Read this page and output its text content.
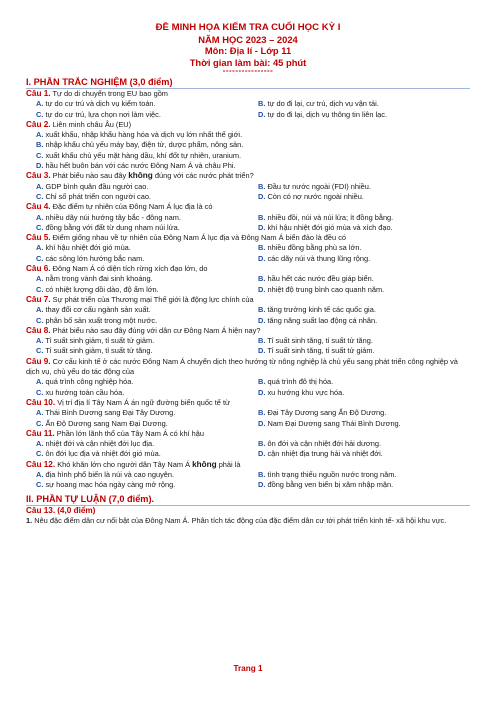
ĐỀ MINH HỌA KIỂM TRA CUỐI HỌC KỲ I
NĂM HỌC 2023 – 2024
Môn: Địa lí - Lớp 11
Thời gian làm bài: 45 phút
----------------
I. PHẦN TRẮC NGHIỆM (3,0 điểm)
Câu 1. Tự do di chuyển trong EU bao gồm
A. tự do cư trú và dịch vụ kiểm toán.	B. tự do đi lại, cư trú, dịch vụ vận tải.
C. tự do cư trú, lựa chọn nơi làm việc.	D. tự do đi lại, dịch vụ thông tin liên lạc.
Câu 2. Liên minh châu Âu (EU)
A. xuất khẩu, nhập khẩu hàng hóa và dịch vụ lớn nhất thế giới.
B. nhập khẩu chủ yếu máy bay, điện tử, dược phẩm, nông sản.
C. xuất khẩu chủ yếu mặt hàng dầu, khí đốt tự nhiên, uranium.
D. hầu hết buôn bán với các nước Đông Nam Á và châu Phi.
Câu 3. Phát biểu nào sau đây không đúng với các nước phát triển?
A. GDP bình quân đầu người cao.	B. Đầu tư nước ngoài (FDI) nhiều.
C. Chỉ số phát triển con người cao.	D. Còn có nợ nước ngoài nhiều.
Câu 4. Đặc điểm tự nhiên của Đông Nam Á lục địa là có
A. nhiều dãy núi hướng tây bắc - đông nam.	B. nhiều đồi, núi và núi lửa; ít đồng bằng.
C. đồng bằng với đất từ dung nham núi lửa.	D. khí hậu nhiệt đới gió mùa và xích đạo.
Câu 5. Điểm giống nhau về tự nhiên của Đông Nam Á lục địa và Đông Nam Á biển đảo là đều có
A. khí hậu nhiệt đới gió mùa.	B. nhiều đồng bằng phù sa lớn.
C. các sông lớn hướng bắc nam.	D. các dãy núi và thung lũng rộng.
Câu 6. Đông Nam Á có diện tích rừng xích đạo lớn, do
A. nằm trong vành đai sinh khoáng.	B. hầu hết các nước đều giáp biển.
C. có nhiệt lượng dồi dào, độ ẩm lớn.	D. nhiệt độ trung bình cao quanh năm.
Câu 7. Sự phát triển của Thương mại Thế giới là động lực chính của
A. thay đổi cơ cấu ngành sản xuất.	B. tăng trưởng kinh tế các quốc gia.
C. phân bố sản xuất trong một nước.	D. tăng năng suất lao động cá nhân.
Câu 8. Phát biểu nào sau đây đúng với dân cư Đông Nam Á hiện nay?
A. Tỉ suất sinh giảm, tỉ suất tử giảm.	B. Tỉ suất sinh tăng, tỉ suất tử tăng.
C. Tỉ suất sinh giảm, tỉ suất tử tăng.	D. Tỉ suất sinh tăng, tỉ suất tử giảm.
Câu 9. Cơ cấu kinh tế ở các nước Đông Nam Á chuyển dịch theo hướng từ nông nghiệp là chủ yếu sang phát triển công nghiệp và dịch vụ, chủ yếu do tác động của
A. quá trình công nghiệp hóa.	B. quá trình đô thị hóa.
C. xu hướng toàn cầu hóa.	D. xu hướng khu vực hóa.
Câu 10. Vị trí địa lí Tây Nam Á án ngữ đường biển quốc tế từ
A. Thái Bình Dương sang Đại Tây Dương.	B. Đại Tây Dương sang Ấn Độ Dương.
C. Ấn Độ Dương sang Nam Đại Dương.	D. Nam Đại Dương sang Thái Bình Dương.
Câu 11. Phần lớn lãnh thổ của Tây Nam Á có khí hậu
A. nhiệt đới và cận nhiệt đới lục địa.	B. ôn đới và cận nhiệt đới hải dương.
C. ôn đới lục địa và nhiệt đới gió mùa.	D. cận nhiệt địa trung hải và nhiệt đới.
Câu 12. Khó khăn lớn cho người dân Tây Nam Á không phải là
A. địa hình phổ biến là núi và cao nguyên.	B. tình trạng thiếu nguồn nước trong năm.
C. sự hoang mạc hóa ngày càng mở rộng.	D. đồng bằng ven biển bị xâm nhập mặn.
II. PHẦN TỰ LUẬN (7,0 điểm).
Câu 13. (4,0 điểm)
1. Nêu đặc điểm dân cư nổi bật của Đông Nam Á. Phân tích tác động của đặc điểm dân cư tới phát triển kinh tế- xã hội khu vực.
Trang 1
